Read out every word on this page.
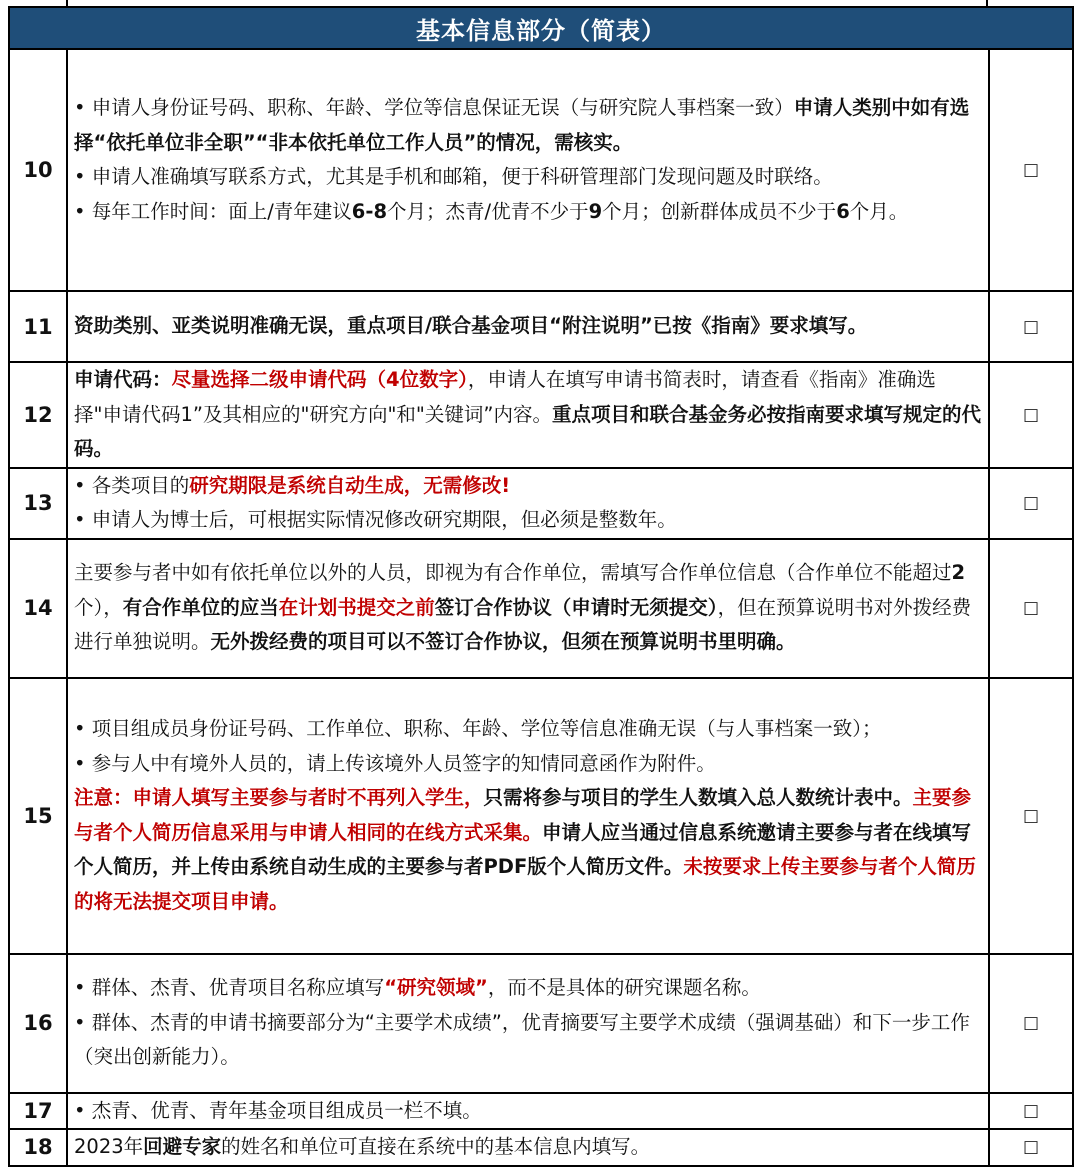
基本信息部分（简表）		
10	• 申请人身份证号码、职称、年龄、学位等信息保证无误（与研究院人事档案一致）申请人类别中如有选择“依托单位非全职”“非本依托单位工作人员”的情况，需核实。
• 申请人准确填写联系方式，尤其是手机和邮箱，便于科研管理部门发现问题及时联络。
• 每年工作时间：面上/青年建议6-8个月；杰青/优青不少于9个月；创新群体成员不少于6个月。	□
11	资助类别、亚类说明准确无误，重点项目/联合基金项目“附注说明”已按《指南》要求填写。	□
12	申请代码：尽量选择二级申请代码（4位数字），申请人在填写申请书简表时，请查看《指南》准确选择"申请代码1”及其相应的"研究方向"和"关键词”内容。重点项目和联合基金务必按指南要求填写规定的代码。	□
13	• 各类项目的研究期限是系统自动生成，无需修改!
• 申请人为博士后，可根据实际情况修改研究期限，但必须是整数年。	□
14	主要参与者中如有依托单位以外的人员，即视为有合作单位，需填写合作单位信息（合作单位不能超过2个），有合作单位的应当在计划书提交之前签订合作协议（申请时无须提交），但在预算说明书对外拨经费进行单独说明。无外拨经费的项目可以不签订合作协议，但须在预算说明书里明确。	□
15	• 项目组成员身份证号码、工作单位、职称、年龄、学位等信息准确无误（与人事档案一致）；
• 参与人中有境外人员的，请上传该境外人员签字的知情同意函作为附件。
注意：申请人填写主要参与者时不再列入学生，只需将参与项目的学生人数填入总人数统计表中。主要参与者个人简历信息采用与申请人相同的在线方式采集。申请人应当通过信息系统邀请主要参与者在线填写个人简历，并上传由系统自动生成的主要参与者PDF版个人简历文件。未按要求上传主要参与者个人简历的将无法提交项目申请。	□
16	• 群体、杰青、优青项目名称应填写“研究领域”，而不是具体的研究课题名称。
• 群体、杰青的申请书摘要部分为“主要学术成绩”，优青摘要写主要学术成绩（强调基础）和下一步工作（突出创新能力）。	□
17	• 杰青、优青、青年基金项目组成员一栏不填。	□
18	2023年回避专家的姓名和单位可直接在系统中的基本信息内填写。	□
